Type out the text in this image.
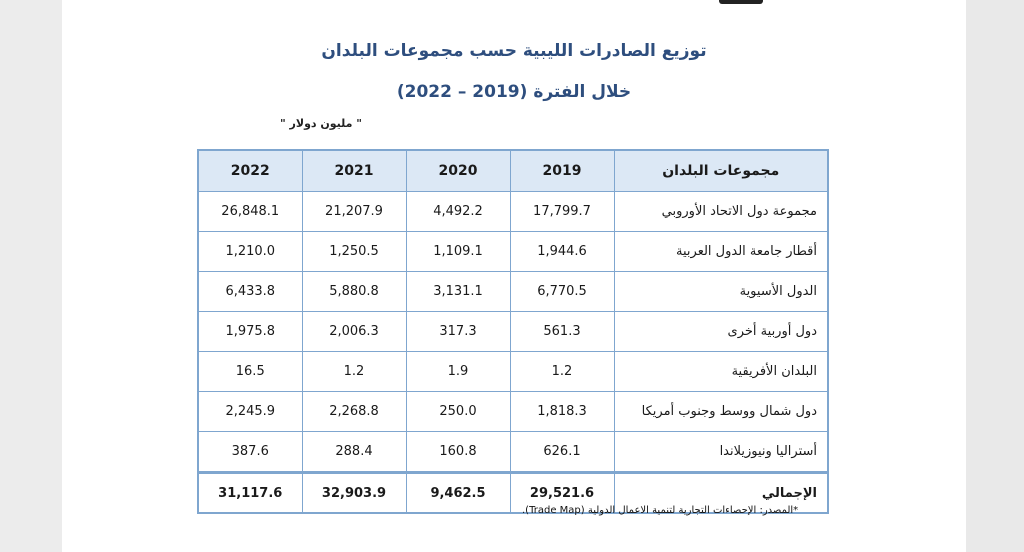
توزيع الصادرات الليبية حسب مجموعات البلدان
خلال الفترة (2019 – 2022)
" مليون دولار "
2022	2021	2020	2019	مجموعات البلدان
26,848.1	21,207.9	4,492.2	17,799.7	مجموعة دول الاتحاد الأوروبي
1,210.0	1,250.5	1,109.1	1,944.6	أقطار جامعة الدول العربية
6,433.8	5,880.8	3,131.1	6,770.5	الدول الأسيوية
1,975.8	2,006.3	317.3	561.3	دول أوربية أخرى
16.5	1.2	1.9	1.2	البلدان الأفريقية
2,245.9	2,268.8	250.0	1,818.3	دول شمال ووسط وجنوب أمريكا
387.6	288.4	160.8	626.1	أستراليا ونيوزيلاندا
31,117.6	32,903.9	9,462.5	29,521.6	الإجمالي
*المصدر: الإحصاءات التجارية لتنمية الاعمال الدولية (Trade Map).
